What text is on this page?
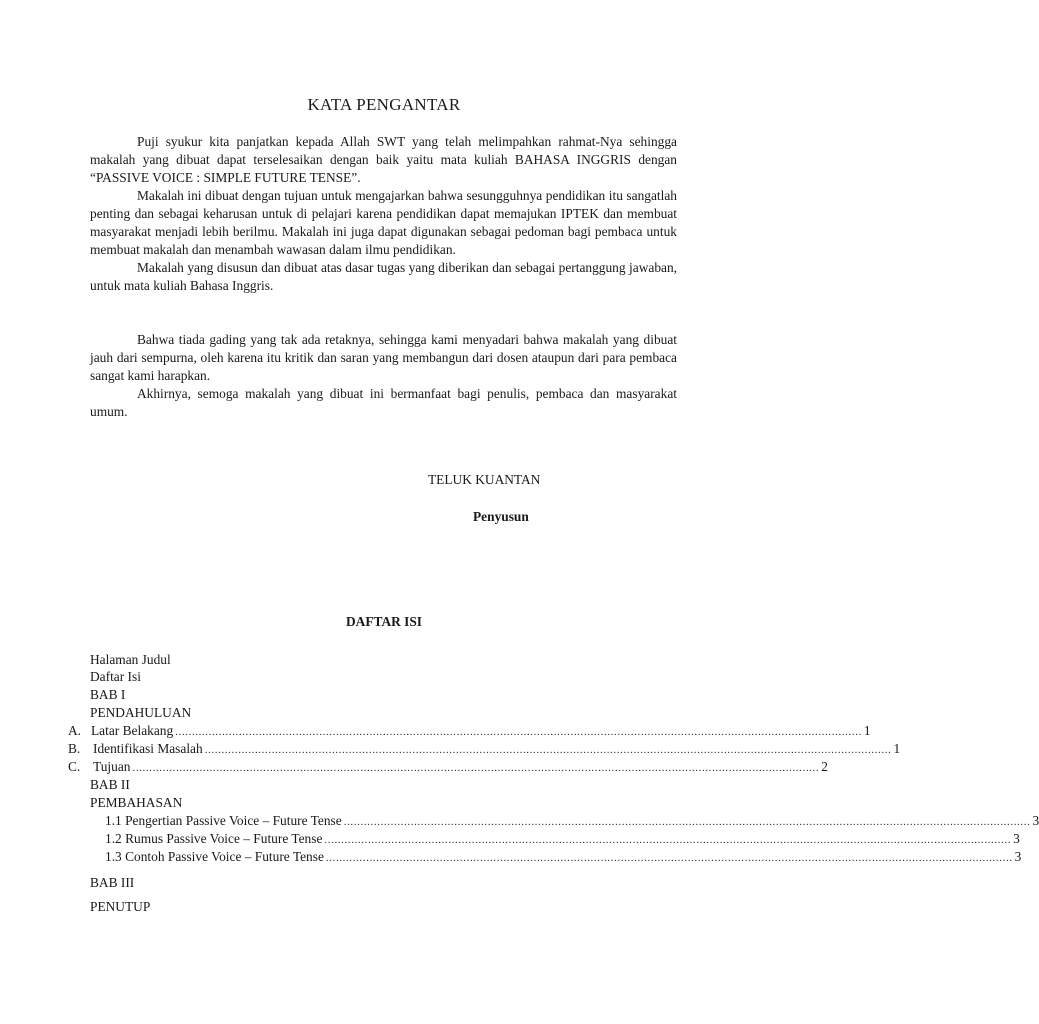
KATA PENGANTAR

Puji syukur kita panjatkan kepada Allah SWT yang telah melimpahkan rahmat-Nya sehingga makalah yang dibuat dapat terselesaikan dengan baik yaitu mata kuliah BAHASA INGGRIS dengan “PASSIVE VOICE : SIMPLE FUTURE TENSE”.

Makalah ini dibuat dengan tujuan untuk mengajarkan bahwa sesungguhnya pendidikan itu sangatlah penting dan sebagai keharusan untuk di pelajari karena pendidikan dapat memajukan IPTEK dan membuat masyarakat menjadi lebih berilmu. Makalah ini juga dapat digunakan sebagai pedoman bagi pembaca untuk membuat makalah dan menambah wawasan dalam ilmu pendidikan.

Makalah yang disusun dan dibuat atas dasar tugas yang diberikan dan sebagai pertanggung jawaban, untuk mata kuliah Bahasa Inggris.

Bahwa tiada gading yang tak ada retaknya, sehingga kami menyadari bahwa makalah yang dibuat jauh dari sempurna, oleh karena itu kritik dan saran yang membangun dari dosen ataupun dari para pembaca sangat kami harapkan.

Akhirnya, semoga makalah yang dibuat ini bermanfaat bagi penulis, pembaca dan masyarakat umum.

TELUK KUANTAN
Penyusun
DAFTAR ISI
Halaman Judul
Daftar Isi
BAB I
PENDAHULUAN
A. Latar Belakang ............................................................................................................................................................................................................. 1
B. Identifikasi Masalah ............................................................................................................................................................................................................. 1
C. Tujuan ............................................................................................................................................................................................................. 2
BAB II
PEMBAHASAN
1.1 Pengertian Passive Voice – Future Tense ............................................................................................................................................................................................................. 3
1.2 Rumus Passive Voice – Future Tense ............................................................................................................................................................................................................. 3
1.3 Contoh Passive Voice – Future Tense ............................................................................................................................................................................................................. 3
BAB III
PENUTUP
